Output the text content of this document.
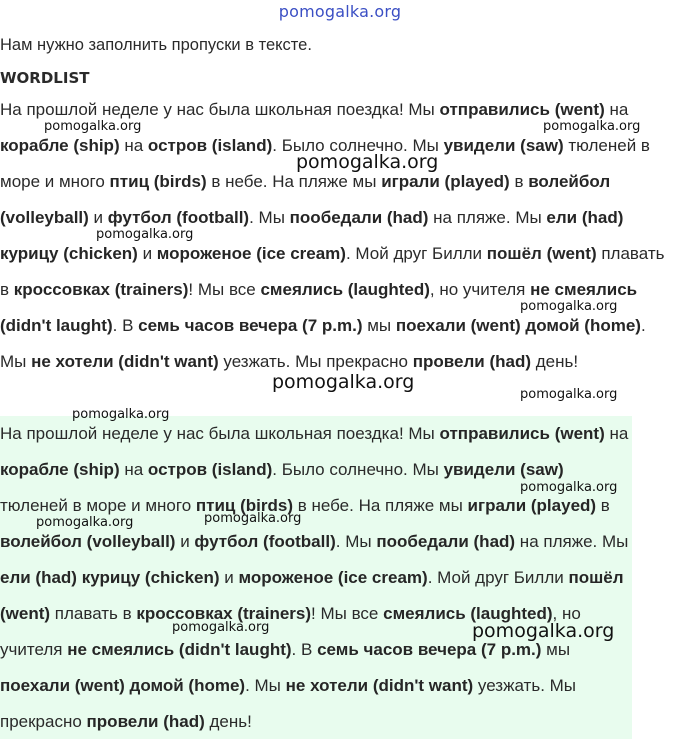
pomogalka.org
Нам нужно заполнить пропуски в тексте.
WORDLIST

На прошлой неделе у нас была школьная поездка! Мы отправились (went) на корабле (ship) на остров (island). Было солнечно. Мы увидели (saw) тюленей в море и много птиц (birds) в небе. На пляже мы играли (played) в волейбол (volleyball) и футбол (football). Мы пообедали (had) на пляже. Мы ели (had) курицу (chicken) и мороженое (ice cream). Мой друг Билли пошёл (went) плавать в кроссовках (trainers)! Мы все смеялись (laughted), но учителя не смеялись (didn't laught). В семь часов вечера (7 p.m.) мы поехали (went) домой (home). Мы не хотели (didn't want) уезжать. Мы прекрасно провели (had) день!

На прошлой неделе у нас была школьная поездка! Мы отправились (went) на корабле (ship) на остров (island). Было солнечно. Мы увидели (saw) тюленей в море и много птиц (birds) в небе. На пляже мы играли (played) в волейбол (volleyball) и футбол (football). Мы пообедали (had) на пляже. Мы ели (had) курицу (chicken) и мороженое (ice cream). Мой друг Билли пошёл (went) плавать в кроссовках (trainers)! Мы все смеялись (laughted), но учителя не смеялись (didn't laught). В семь часов вечера (7 p.m.) мы поехали (went) домой (home). Мы не хотели (didn't want) уезжать. Мы прекрасно провели (had) день!

pomogalka.org	pomogalka.org
pomogalka.org
pomogalka.org
pomogalka.org
pomogalka.org
pomogalka.org
pomogalka.org
pomogalka.org
pomogalka.org
pomogalka.org
pomogalka.org	pomogalka.org
